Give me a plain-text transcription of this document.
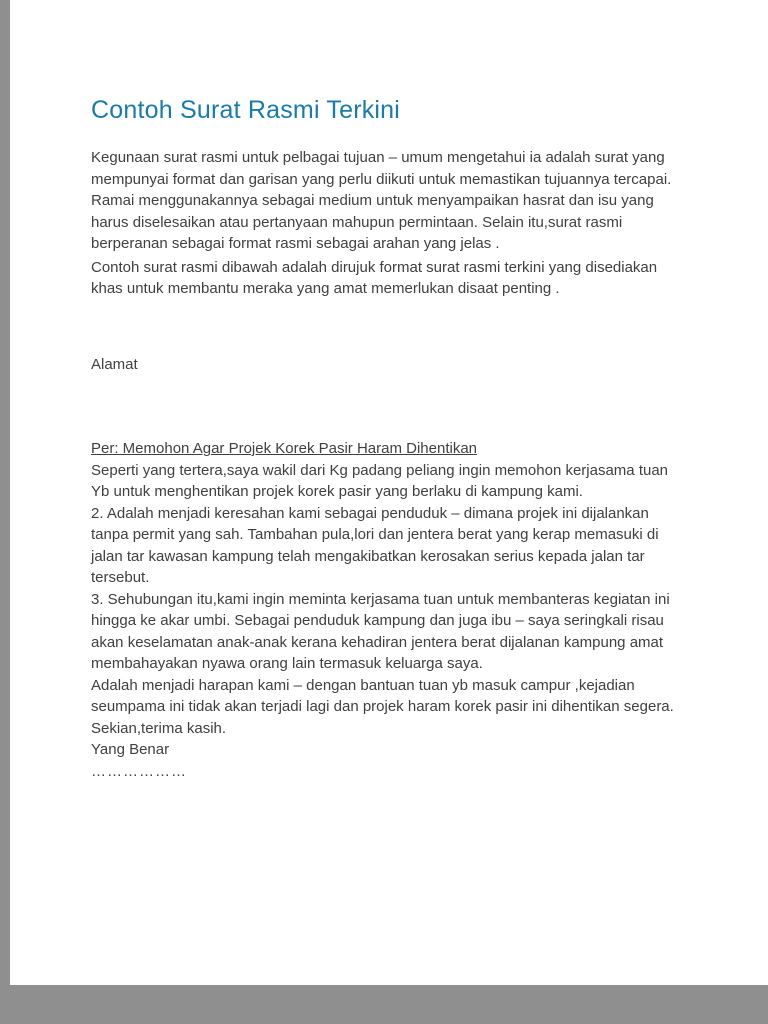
Contoh Surat Rasmi Terkini

Kegunaan surat rasmi untuk pelbagai tujuan – umum mengetahui ia adalah surat yang mempunyai format dan garisan yang perlu diikuti untuk memastikan tujuannya tercapai. Ramai menggunakannya sebagai medium untuk menyampaikan hasrat dan isu yang harus diselesaikan atau pertanyaan mahupun permintaan. Selain itu,surat rasmi berperanan sebagai format rasmi sebagai arahan yang jelas .

Contoh surat rasmi dibawah adalah dirujuk format surat rasmi terkini yang disediakan khas untuk membantu meraka yang amat memerlukan disaat penting .

Alamat

Per: Memohon Agar Projek Korek Pasir Haram Dihentikan

Seperti yang tertera,saya wakil dari Kg padang peliang ingin memohon kerjasama tuan Yb untuk menghentikan projek korek pasir yang berlaku di kampung kami.

2. Adalah menjadi keresahan kami sebagai penduduk – dimana projek ini dijalankan tanpa permit yang sah. Tambahan pula,lori dan jentera berat yang kerap memasuki di jalan tar kawasan kampung telah mengakibatkan kerosakan serius kepada jalan tar tersebut.

3. Sehubungan itu,kami ingin meminta kerjasama tuan untuk membanteras kegiatan ini hingga ke akar umbi. Sebagai penduduk kampung dan juga ibu – saya seringkali risau akan keselamatan anak-anak kerana kehadiran jentera berat dijalanan kampung amat membahayakan nyawa orang lain termasuk keluarga saya.

Adalah menjadi harapan kami – dengan bantuan tuan yb masuk campur ,kejadian seumpama ini tidak akan terjadi lagi dan projek haram korek pasir ini dihentikan segera.

Sekian,terima kasih.

Yang Benar

………………
